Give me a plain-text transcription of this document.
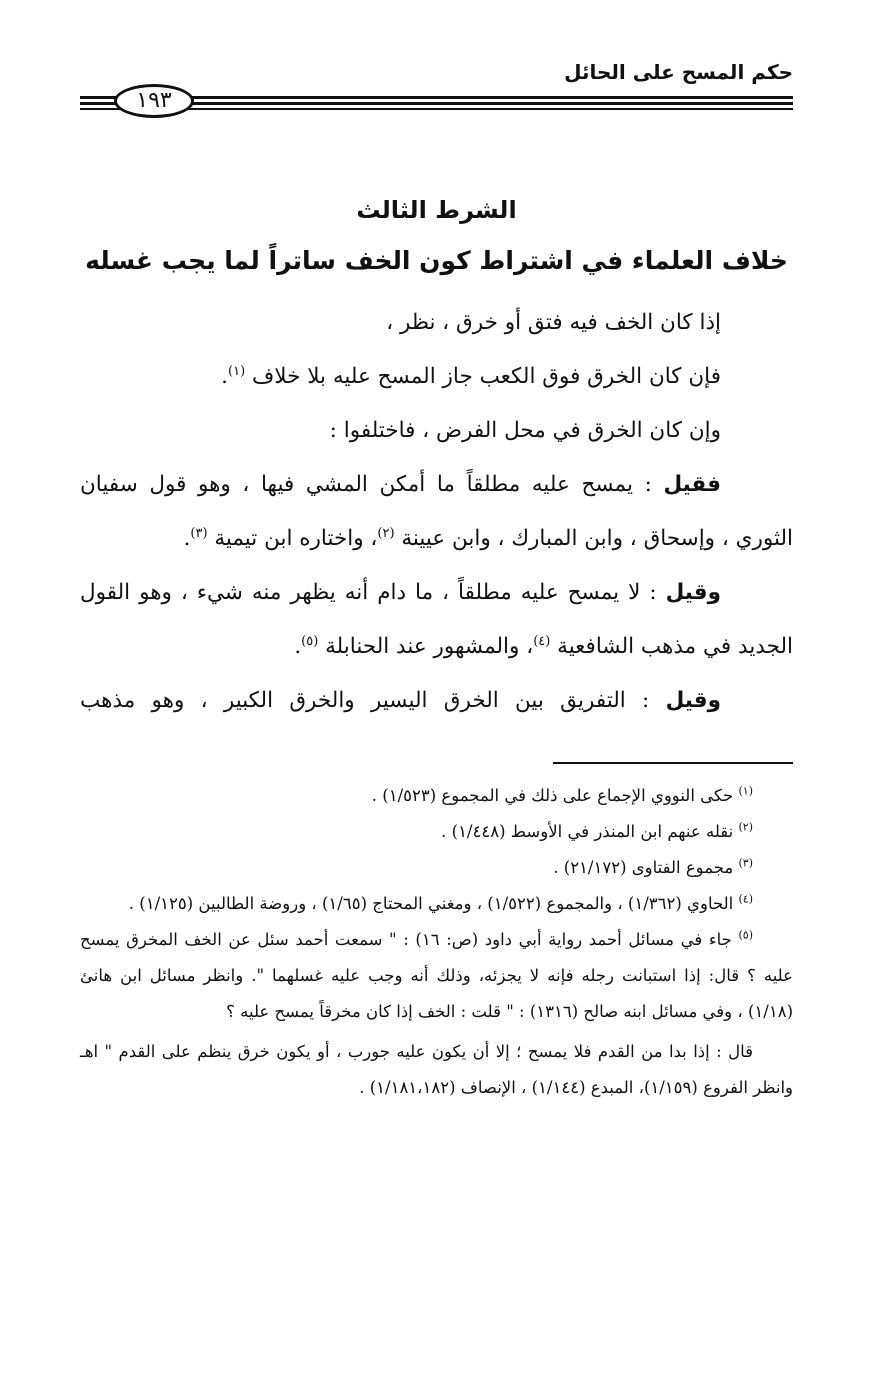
حكم المسح على الحائل
١٩٣
الشرط الثالث
خلاف العلماء في اشتراط كون الخف ساتراً لما يجب غسله
إذا كان الخف فيه فتق أو خرق ، نظر ،
فإن كان الخرق فوق الكعب جاز المسح عليه بلا خلاف $^{(١)}$.
وإن كان الخرق في محل الفرض ، فاختلفوا :
فقيل : يمسح عليه مطلقاً ما أمكن المشي فيها ، وهو قول سفيان الثوري ، وإسحاق ، وابن المبارك ، وابن عيينة $^{(٢)}$، واختاره ابن تيمية $^{(٣)}$.
وقيل : لا يمسح عليه مطلقاً ، ما دام أنه يظهر منه شيء ، وهو القول الجديد في مذهب الشافعية $^{(٤)}$، والمشهور عند الحنابلة $^{(٥)}$.
وقيل : التفريق بين الخرق اليسير والخرق الكبير ، وهو مذهب
$^{(١)}$ حكى النووي الإجماع على ذلك في المجموع (١/٥٢٣) .
$^{(٢)}$ نقله عنهم ابن المنذر في الأوسط (١/٤٤٨) .
$^{(٣)}$ مجموع الفتاوى (٢١/١٧٢) .
$^{(٤)}$ الحاوي (١/٣٦٢) ، والمجموع (١/٥٢٢) ، ومغني المحتاج (١/٦٥) ، وروضة الطالبين (١/١٢٥) .
$^{(٥)}$ جاء في مسائل أحمد رواية أبي داود (ص: ١٦) : " سمعت أحمد سئل عن الخف المخرق يمسح عليه ؟ قال: إذا استبانت رجله فإنه لا يجزئه، وذلك أنه وجب عليه غسلهما ". وانظر مسائل ابن هانئ (١/١٨) ، وفي مسائل ابنه صالح (١٣١٦) : " قلت : الخف إذا كان مخرقاً يمسح عليه ؟
قال : إذا بدا من القدم فلا يمسح ؛ إلا أن يكون عليه جورب ، أو يكون خرق ينظم على القدم " اهـ وانظر الفروع (١/١٥٩)، المبدع (١/١٤٤) ، الإنصاف (١/١٨١،١٨٢) .
